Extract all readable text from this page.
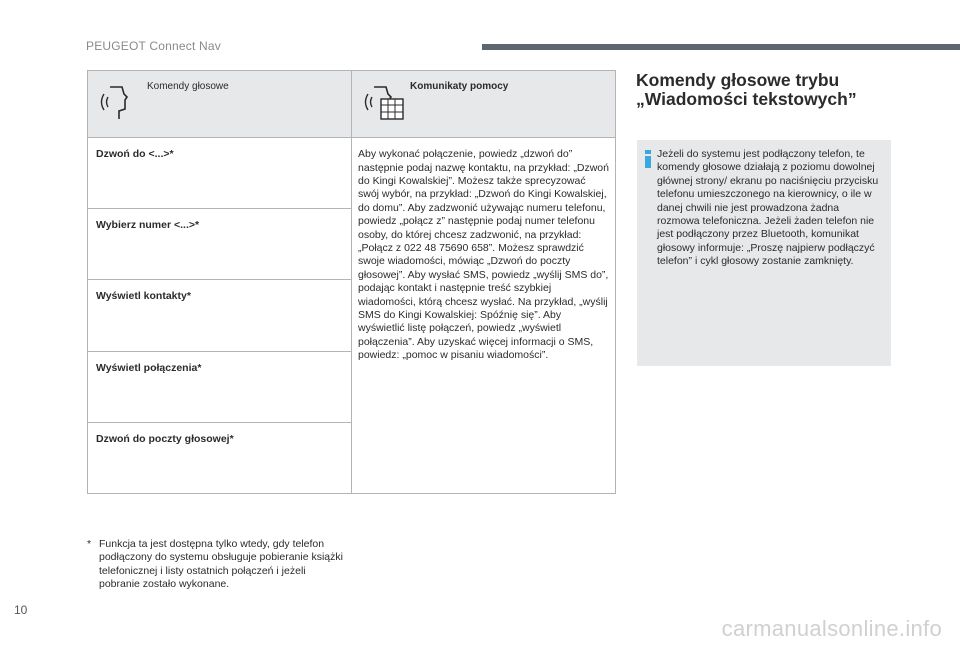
PEUGEOT Connect Nav
Komendy głosowe	Komunikaty pomocy

Dzwoń do <...>*	Aby wykonać połączenie, powiedz „dzwoń do” następnie podaj nazwę kontaktu, na przykład: „Dzwoń do Kingi Kowalskiej”. Możesz także sprecyzować swój wybór, na przykład: „Dzwoń do Kingi Kowalskiej, do domu”. Aby zadzwonić używając numeru telefonu, powiedz „połącz z” następnie podaj numer telefonu osoby, do której chcesz zadzwonić, na przykład: „Połącz z 022 48 75690 658”. Możesz sprawdzić swoje wiadomości, mówiąc „Dzwoń do poczty głosowej”. Aby wysłać SMS, powiedz „wyślij SMS do”, podając kontakt i następnie treść szybkiej wiadomości, którą chcesz wysłać. Na przykład, „wyślij SMS do Kingi Kowalskiej: Spóźnię się”. Aby wyświetlić listę połączeń, powiedz „wyświetl połączenia”. Aby uzyskać więcej informacji o SMS, powiedz: „pomoc w pisaniu wiadomości”.
Wybierz numer <...>*	
Wyświetl kontakty*	
Wyświetl połączenia*	
Dzwoń do poczty głosowej*	
* Funkcja ta jest dostępna tylko wtedy, gdy telefon podłączony do systemu obsługuje pobieranie książki telefonicznej i listy ostatnich połączeń i jeżeli pobranie zostało wykonane.
Komendy głosowe trybu „Wiadomości tekstowych”
Jeżeli do systemu jest podłączony telefon, te komendy głosowe działają z poziomu dowolnej głównej strony/ ekranu po naciśnięciu przycisku telefonu umieszczonego na kierownicy, o ile w danej chwili nie jest prowadzona żadna rozmowa telefoniczna. Jeżeli żaden telefon nie jest podłączony przez Bluetooth, komunikat głosowy informuje: „Proszę najpierw podłączyć telefon” i cykl głosowy zostanie zamknięty.
10
carmanualsonline.info
